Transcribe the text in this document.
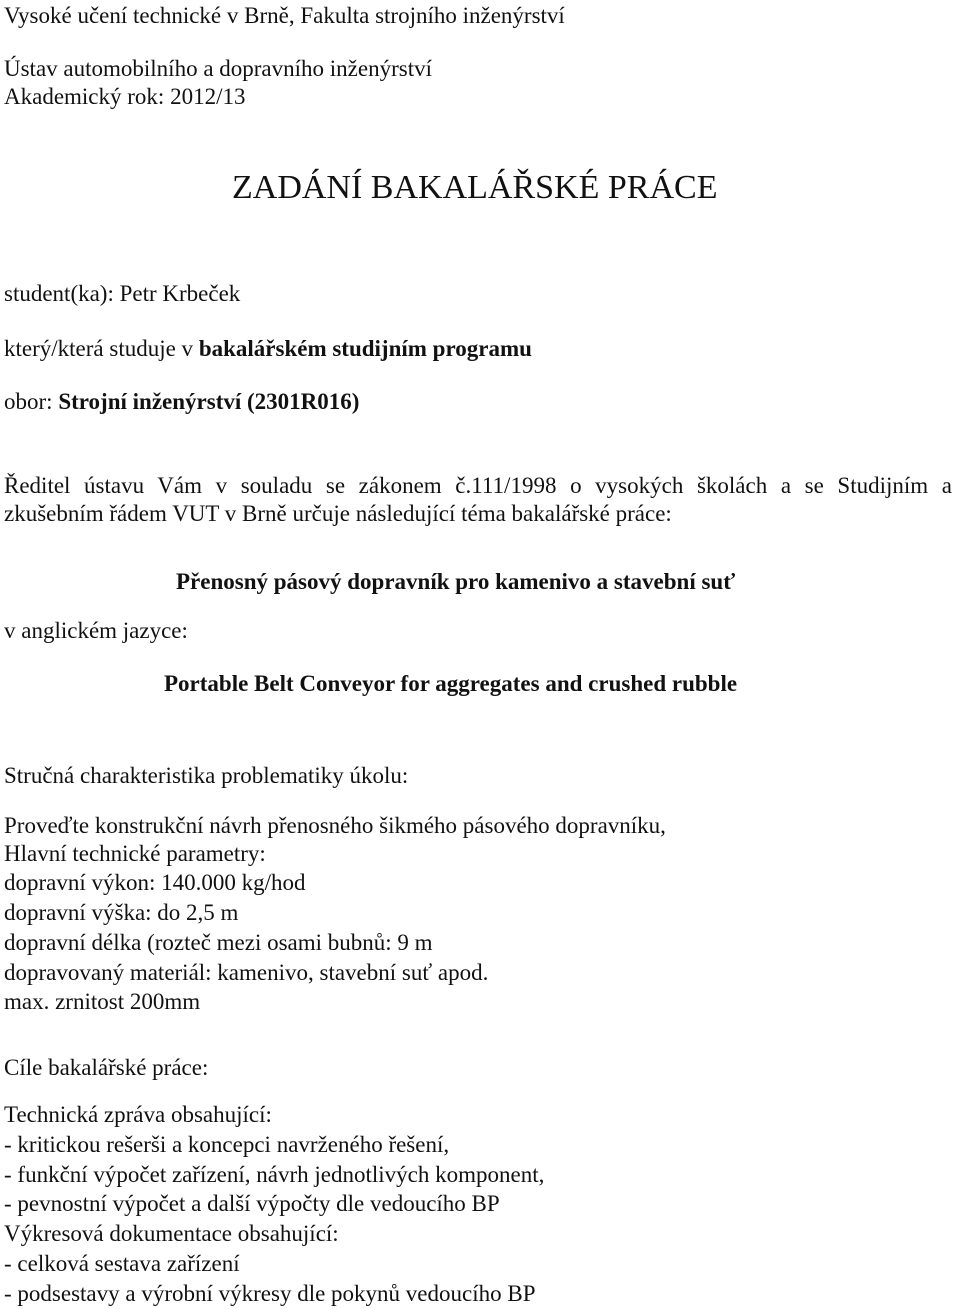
Vysoké učení technické v Brně, Fakulta strojního inženýrství
Ústav automobilního a dopravního inženýrství
Akademický rok: 2012/13
ZADÁNÍ BAKALÁŘSKÉ PRÁCE
student(ka): Petr Krbeček
který/která studuje v bakalářském studijním programu
obor: Strojní inženýrství (2301R016)
Ředitel ústavu Vám v souladu se zákonem č.111/1998 o vysokých školách a se Studijním a
zkušebním řádem VUT v Brně určuje následující téma bakalářské práce:
Přenosný pásový dopravník pro kamenivo a stavební suť
v anglickém jazyce:
Portable Belt Conveyor for aggregates and crushed rubble
Stručná charakteristika problematiky úkolu:
Proveďte konstrukční návrh přenosného šikmého pásového dopravníku,
Hlavní technické parametry:
dopravní výkon: 140.000 kg/hod
dopravní výška: do 2,5 m
dopravní délka (rozteč mezi osami bubnů: 9 m
dopravovaný materiál: kamenivo, stavební suť apod.
max. zrnitost 200mm
Cíle bakalářské práce:
Technická zpráva obsahující:
- kritickou rešerši a koncepci navrženého řešení,
- funkční výpočet zařízení, návrh jednotlivých komponent,
- pevnostní výpočet a další výpočty dle vedoucího BP
Výkresová dokumentace obsahující:
- celková sestava zařízení
- podsestavy a výrobní výkresy dle pokynů vedoucího BP
